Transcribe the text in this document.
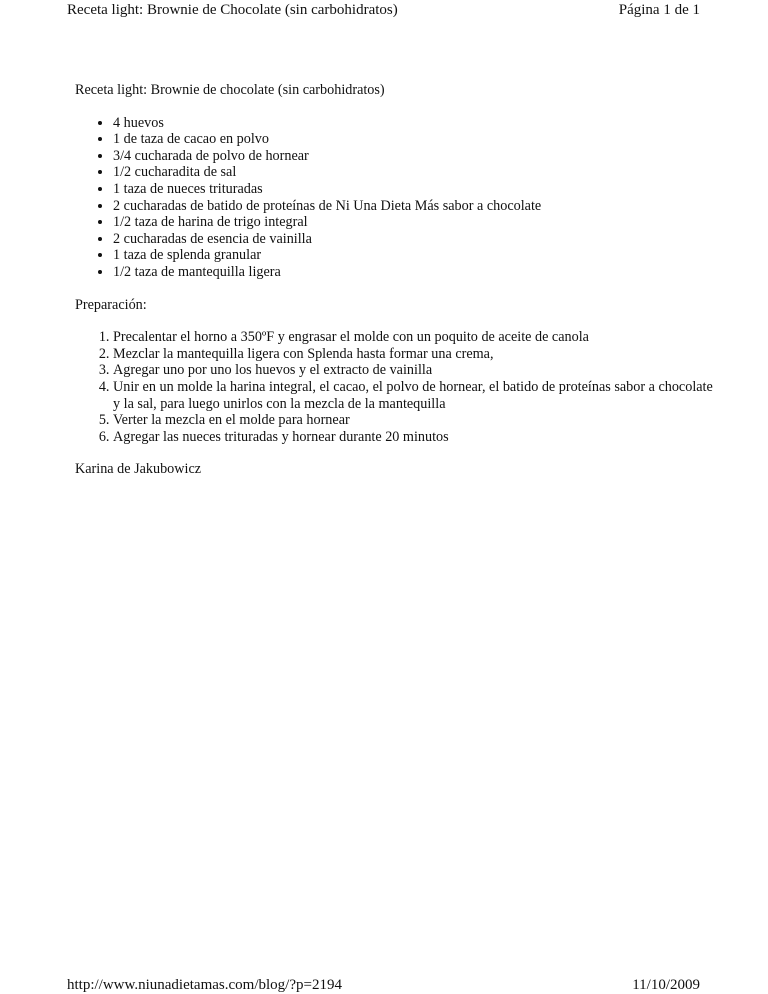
Receta light: Brownie de Chocolate (sin carbohidratos)	Página 1 de 1

Receta light: Brownie de chocolate (sin carbohidratos)

• 4 huevos
• 1 de taza de cacao en polvo
• 3/4 cucharada de polvo de hornear
• 1/2 cucharadita de sal
• 1 taza de nueces trituradas
• 2 cucharadas de batido de proteínas de Ni Una Dieta Más sabor a chocolate
• 1/2 taza de harina de trigo integral
• 2 cucharadas de esencia de vainilla
• 1 taza de splenda granular
• 1/2 taza de mantequilla ligera

Preparación:

1. Precalentar el horno a 350ºF y engrasar el molde con un poquito de aceite de canola
2. Mezclar la mantequilla ligera con Splenda hasta formar una crema,
3. Agregar uno por uno los huevos y el extracto de vainilla
4. Unir en un molde la harina integral, el cacao, el polvo de hornear, el batido de proteínas sabor a chocolate y la sal, para luego unirlos con la mezcla de la mantequilla
5. Verter la mezcla en el molde para hornear
6. Agregar las nueces trituradas y hornear durante 20 minutos

Karina de Jakubowicz

http://www.niunadietamas.com/blog/?p=2194	11/10/2009
